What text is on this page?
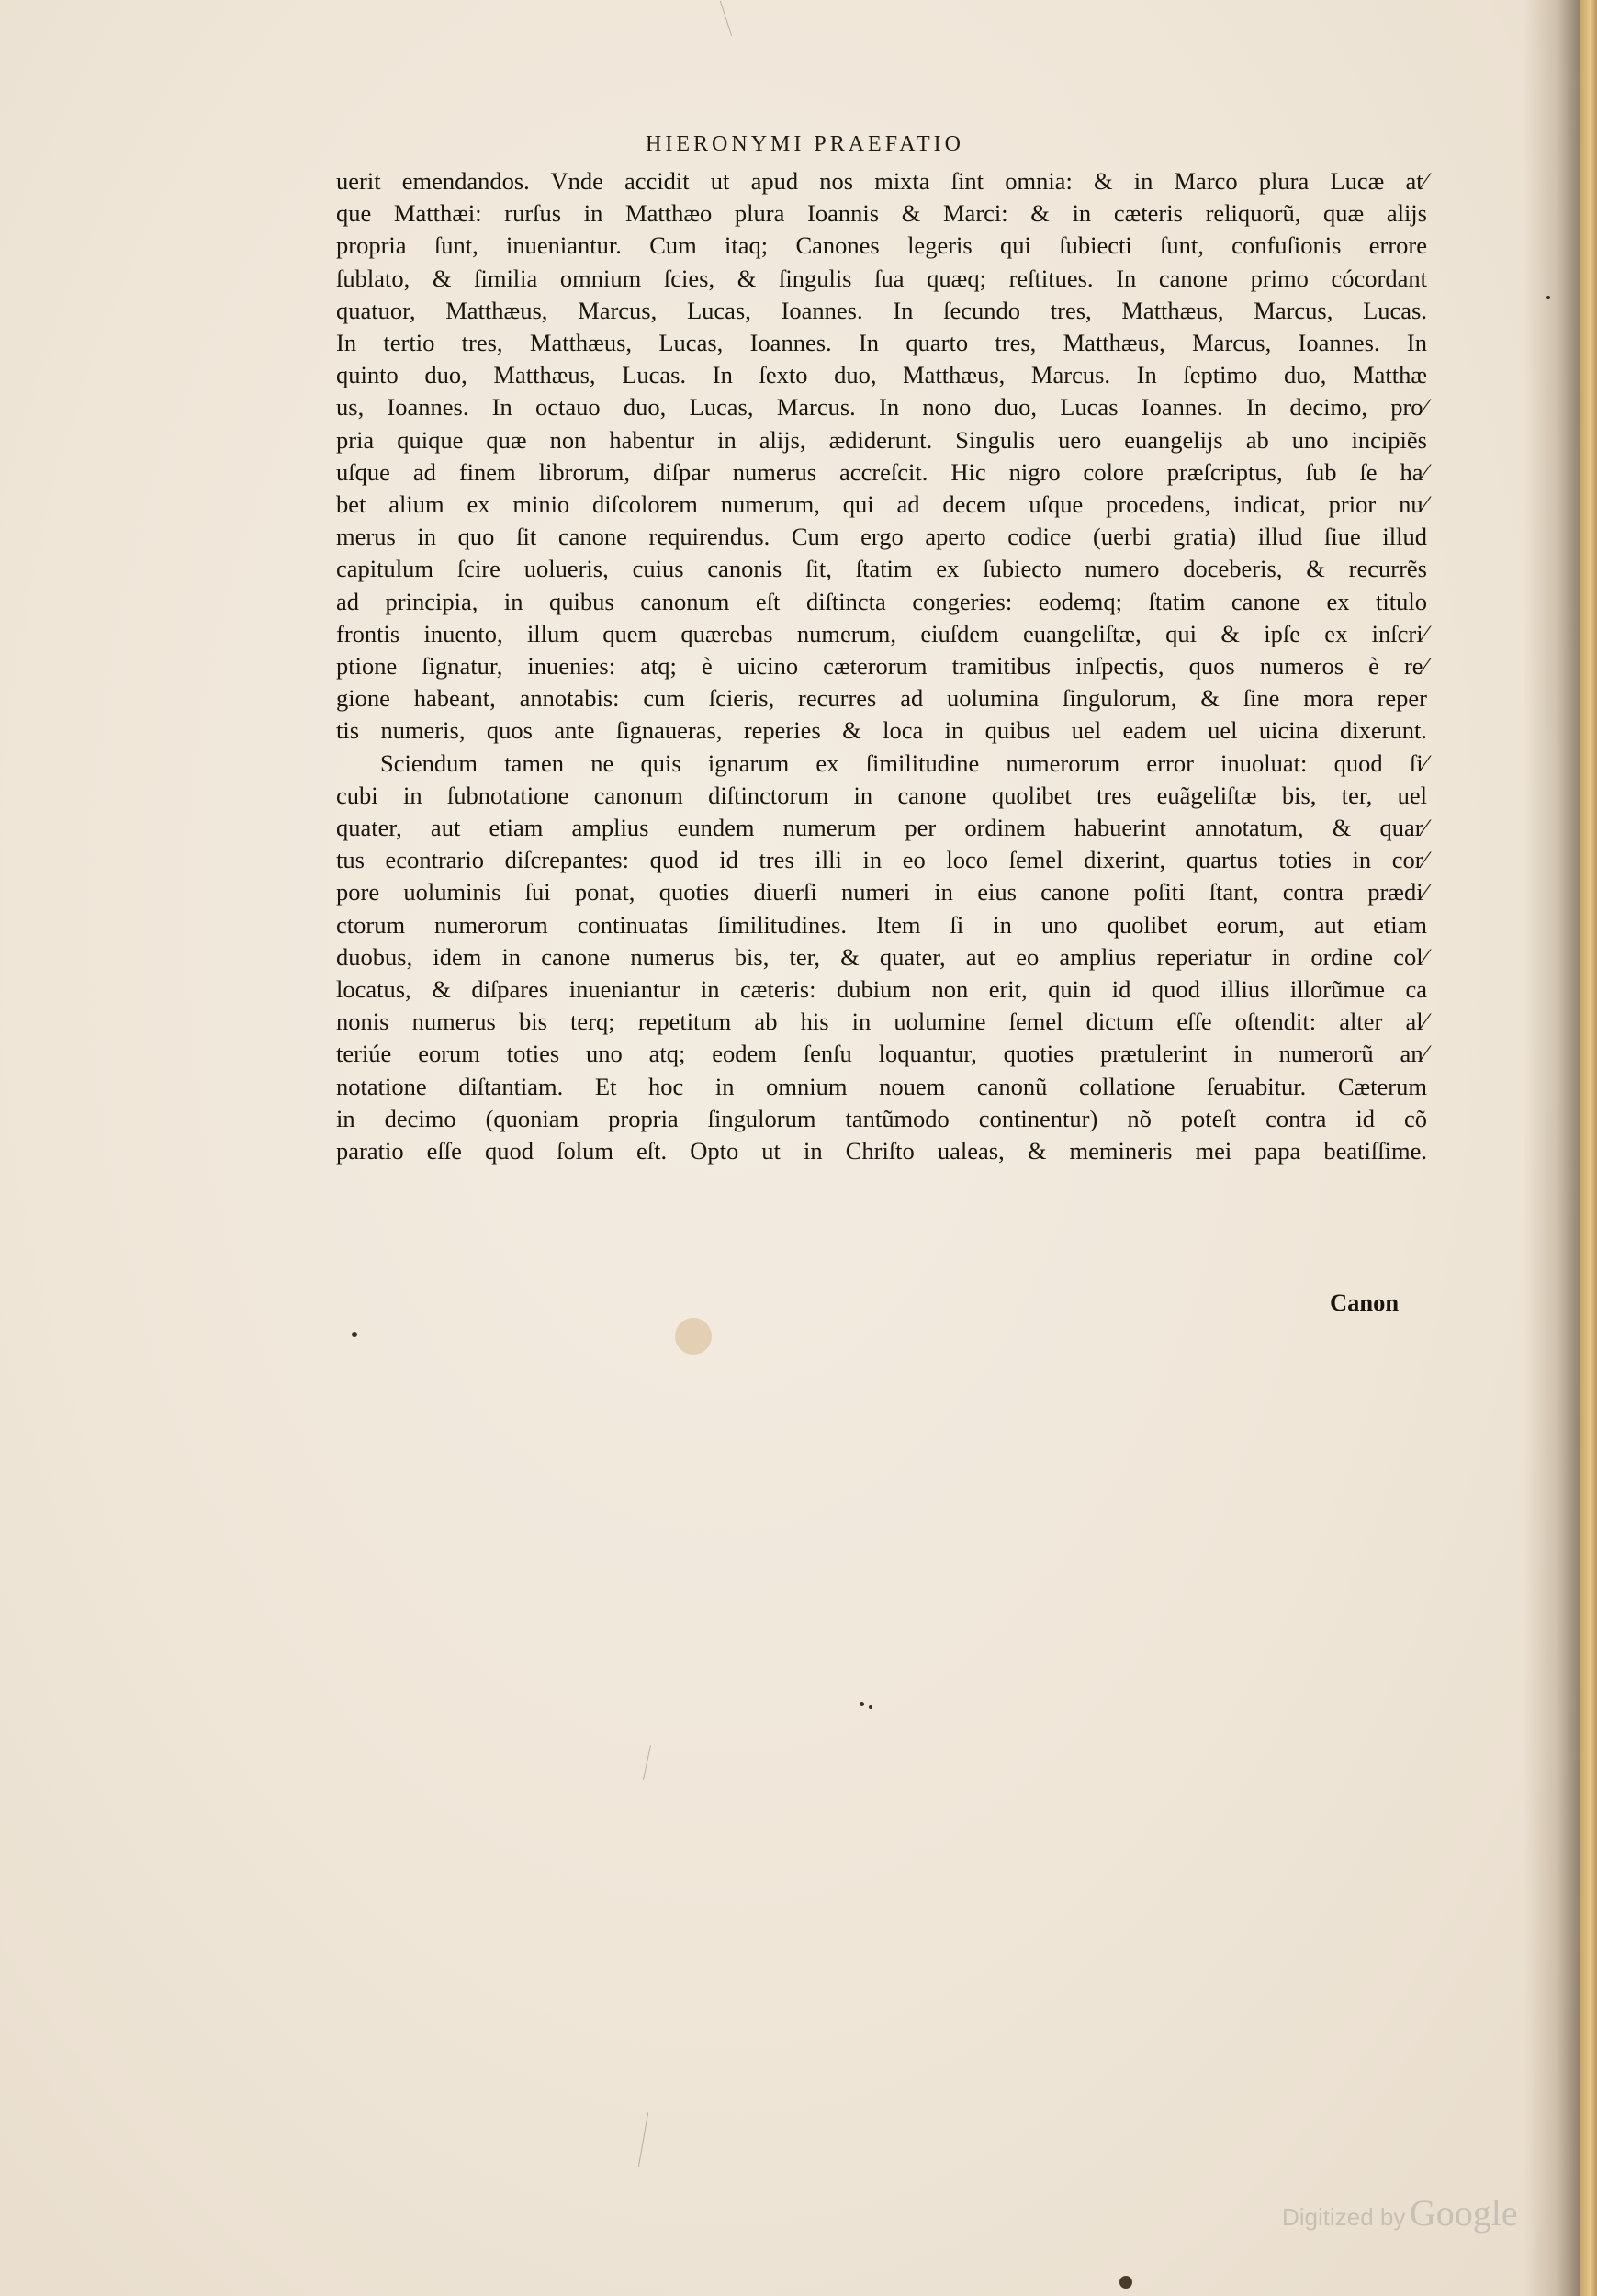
HIERONYMI PRAEFATIO
uerit emendandos. Vnde accidit ut apud nos mixta ſint omnia: & in Marco plura Lucæ at⁄
que Matthæi: rurſus in Matthæo plura Ioannis & Marci: & in cæteris reliquorũ, quæ alijs
propria ſunt, inueniantur. Cum itaq; Canones legeris qui ſubiecti ſunt, confuſionis errore
ſublato, & ſimilia omnium ſcies, & ſingulis ſua quæq; reſtitues. In canone primo cócordant
quatuor, Matthæus, Marcus, Lucas, Ioannes. In ſecundo tres, Matthæus, Marcus, Lucas.
In tertio tres, Matthæus, Lucas, Ioannes. In quarto tres, Matthæus, Marcus, Ioannes. In
quinto duo, Matthæus, Lucas. In ſexto duo, Matthæus, Marcus. In ſeptimo duo, Matthæ
us, Ioannes. In octauo duo, Lucas, Marcus. In nono duo, Lucas Ioannes. In decimo, pro⁄
pria quique quæ non habentur in alijs, ædiderunt. Singulis uero euangelijs ab uno incipiẽs
uſque ad finem librorum, diſpar numerus accreſcit. Hic nigro colore præſcriptus, ſub ſe ha⁄
bet alium ex minio diſcolorem numerum, qui ad decem uſque procedens, indicat, prior nu⁄
merus in quo ſit canone requirendus. Cum ergo aperto codice (uerbi gratia) illud ſiue illud
capitulum ſcire uolueris, cuius canonis ſit, ſtatim ex ſubiecto numero doceberis, & recurrẽs
ad principia, in quibus canonum eſt diſtincta congeries: eodemq; ſtatim canone ex titulo
frontis inuento, illum quem quærebas numerum, eiuſdem euangeliſtæ, qui & ipſe ex inſcri⁄
ptione ſignatur, inuenies: atq; è uicino cæterorum tramitibus inſpectis, quos numeros è re⁄
gione habeant, annotabis: cum ſcieris, recurres ad uolumina ſingulorum, & ſine mora reper
tis numeris, quos ante ſignaueras, reperies & loca in quibus uel eadem uel uicina dixerunt.
Sciendum tamen ne quis ignarum ex ſimilitudine numerorum error inuoluat: quod ſi⁄
cubi in ſubnotatione canonum diſtinctorum in canone quolibet tres euãgeliſtæ bis, ter, uel
quater, aut etiam amplius eundem numerum per ordinem habuerint annotatum, & quar⁄
tus econtrario diſcrepantes: quod id tres illi in eo loco ſemel dixerint, quartus toties in cor⁄
pore uoluminis ſui ponat, quoties diuerſi numeri in eius canone poſiti ſtant, contra prædi⁄
ctorum numerorum continuatas ſimilitudines. Item ſi in uno quolibet eorum, aut etiam
duobus, idem in canone numerus bis, ter, & quater, aut eo amplius reperiatur in ordine col⁄
locatus, & diſpares inueniantur in cæteris: dubium non erit, quin id quod illius illorũmue ca
nonis numerus bis terq; repetitum ab his in uolumine ſemel dictum eſſe oſtendit: alter al⁄
teriúe eorum toties uno atq; eodem ſenſu loquantur, quoties prætulerint in numerorũ an⁄
notatione diſtantiam. Et hoc in omnium nouem canonũ collatione ſeruabitur. Cæterum
in decimo (quoniam propria ſingulorum tantũmodo continentur) nõ poteſt contra id cõ
paratio eſſe quod ſolum eſt. Opto ut in Chriſto ualeas, & memineris mei papa beatiſſime.
Canon
Digitized by Google
